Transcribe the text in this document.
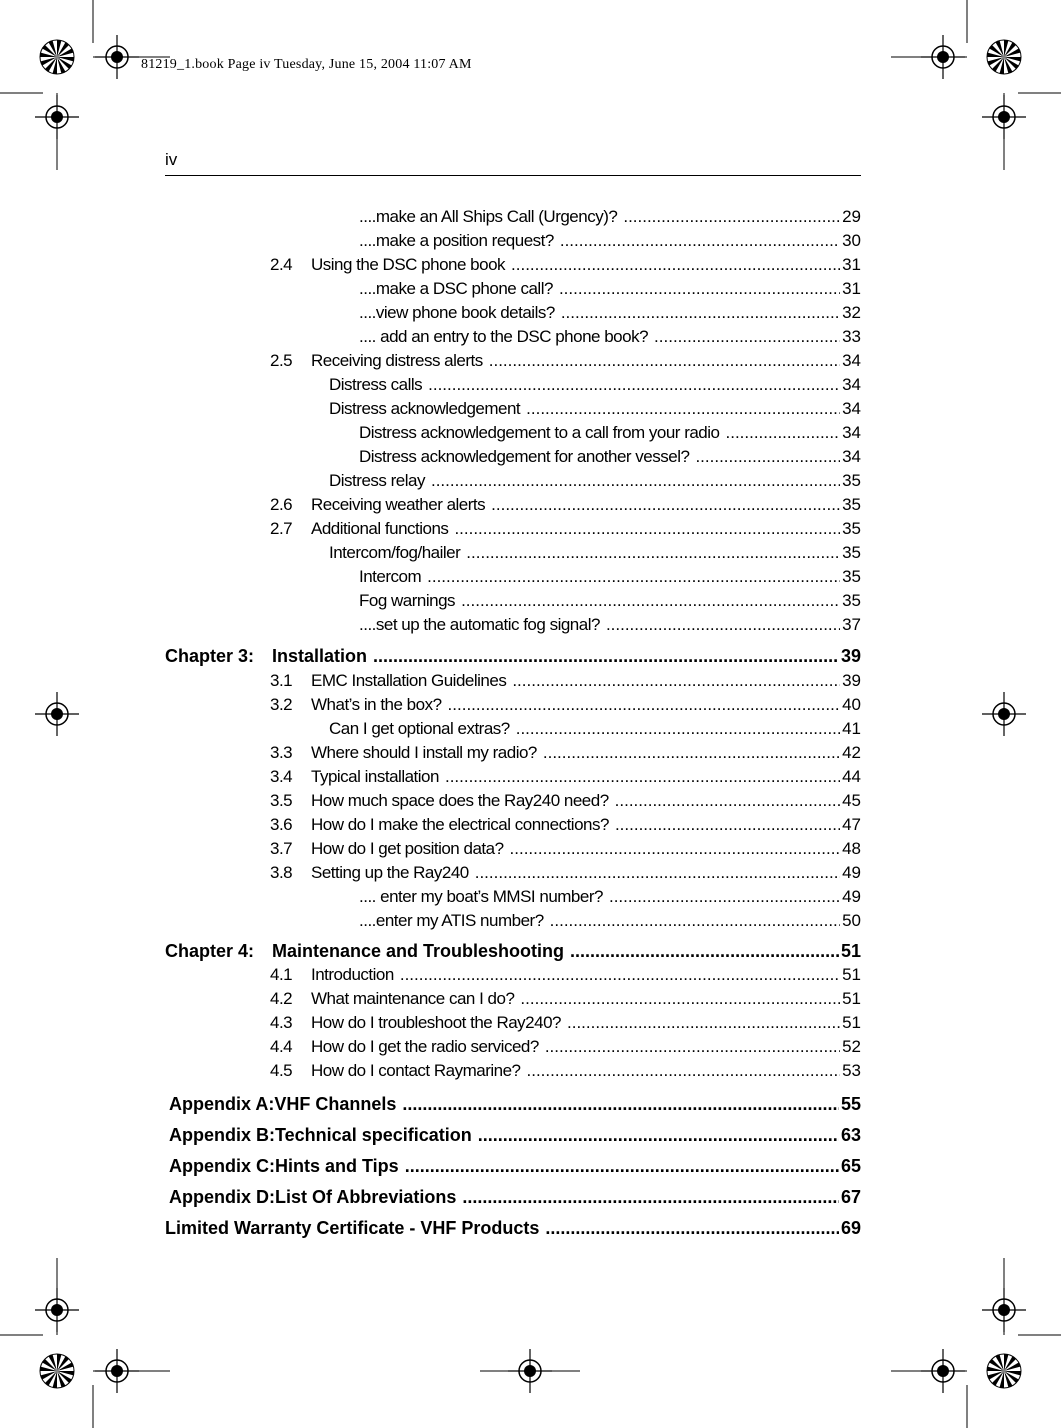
81219_1.book Page iv Tuesday, June 15, 2004 11:07 AM
iv
....make an All Ships Call (Urgency)? .....	29
....make a position request? .....	30
2.4	Using the DSC phone book .....	31
....make a DSC phone call? .....	31
....view phone book details? .....	32
.... add an entry to the DSC phone book? .....	33
2.5	Receiving distress alerts .....	34
Distress calls .....	34
Distress acknowledgement .....	34
Distress acknowledgement to a call from your radio .....	34
Distress acknowledgement for another vessel? .....	34
Distress relay .....	35
2.6	Receiving weather alerts .....	35
2.7	Additional functions .....	35
Intercom/fog/hailer .....	35
Intercom .....	35
Fog warnings .....	35
....set up the automatic fog signal? .....	37
Chapter 3: Installation .....	39
3.1	EMC Installation Guidelines .....	39
3.2	What’s in the box? .....	40
Can I get optional extras? .....	41
3.3	Where should I install my radio? .....	42
3.4	Typical installation .....	44
3.5	How much space does the Ray240 need? .....	45
3.6	How do I make the electrical connections? .....	47
3.7	How do I get position data? .....	48
3.8	Setting up the Ray240 .....	49
.... enter my boat’s MMSI number? .....	49
....enter my ATIS number? .....	50
Chapter 4: Maintenance and Troubleshooting .....	51
4.1	Introduction .....	51
4.2	What maintenance can I do? .....	51
4.3	How do I troubleshoot the Ray240? .....	51
4.4	How do I get the radio serviced? .....	52
4.5	How do I contact Raymarine? .....	53
Appendix A: VHF Channels .....	55
Appendix B: Technical specification .....	63
Appendix C: Hints and Tips .....	65
Appendix D: List Of Abbreviations .....	67
Limited Warranty Certificate - VHF Products .....	69
